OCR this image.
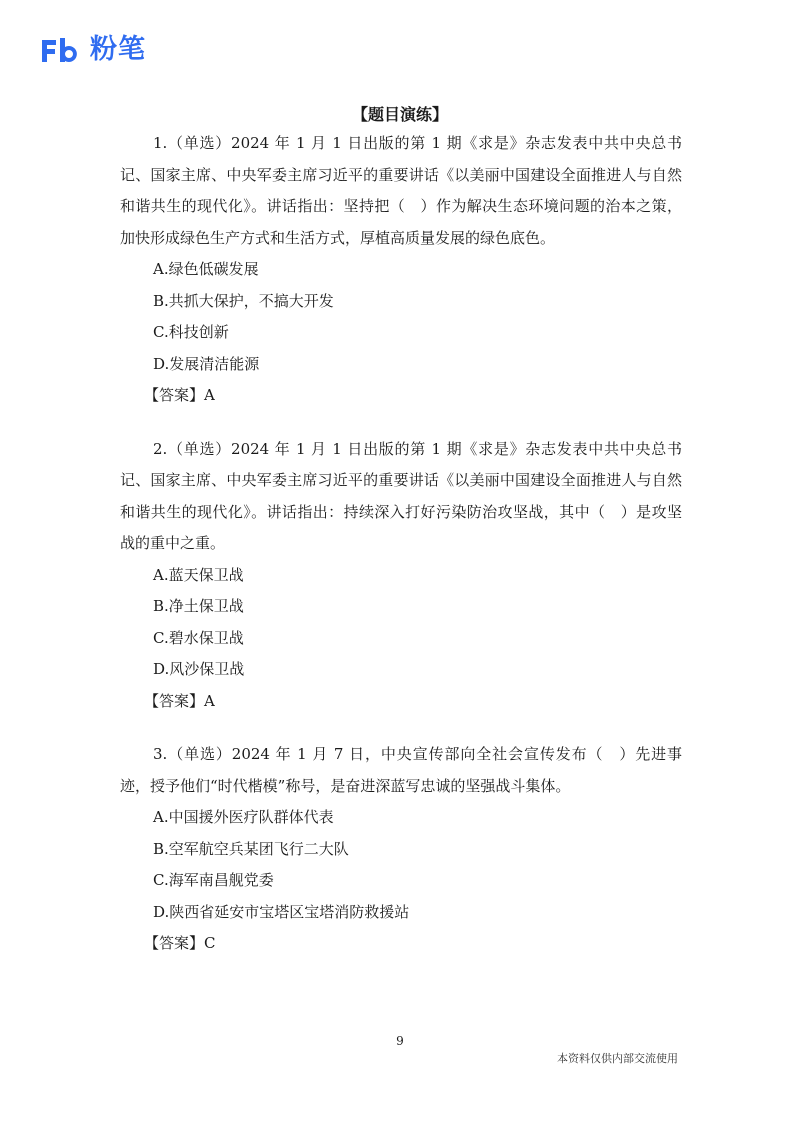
粉笔
【题目演练】

1.（单选）2024 年 1 月 1 日出版的第 1 期《求是》杂志发表中共中央总书记、国家主席、中央军委主席习近平的重要讲话《以美丽中国建设全面推进人与自然和谐共生的现代化》。讲话指出：坚持把（　）作为解决生态环境问题的治本之策，加快形成绿色生产方式和生活方式，厚植高质量发展的绿色底色。

A.绿色低碳发展

B.共抓大保护，不搞大开发

C.科技创新

D.发展清洁能源

【答案】A

2.（单选）2024 年 1 月 1 日出版的第 1 期《求是》杂志发表中共中央总书记、国家主席、中央军委主席习近平的重要讲话《以美丽中国建设全面推进人与自然和谐共生的现代化》。讲话指出：持续深入打好污染防治攻坚战，其中（　）是攻坚战的重中之重。

A.蓝天保卫战

B.净土保卫战

C.碧水保卫战

D.风沙保卫战

【答案】A

3.（单选）2024 年 1 月 7 日，中央宣传部向全社会宣传发布（　）先进事迹，授予他们“时代楷模”称号，是奋进深蓝写忠诚的坚强战斗集体。

A.中国援外医疗队群体代表

B.空军航空兵某团飞行二大队

C.海军南昌舰党委

D.陕西省延安市宝塔区宝塔消防救援站

【答案】C

9
本资料仅供内部交流使用
